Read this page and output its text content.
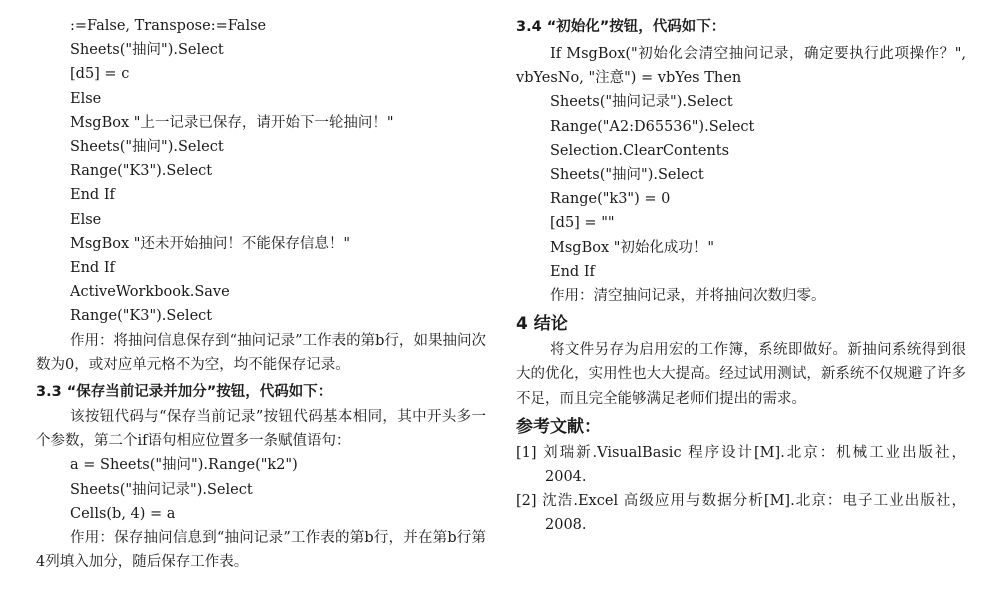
:=False, Transpose:=False

Sheets("抽问").Select

[d5] = c

Else

MsgBox "上一记录已保存，请开始下一轮抽问！"

Sheets("抽问").Select

Range("K3").Select

End If

Else

MsgBox "还未开始抽问！不能保存信息！"

End If

ActiveWorkbook.Save

Range("K3").Select

作用：将抽问信息保存到“抽问记录”工作表的第b行，如果抽问次数为0，或对应单元格不为空，均不能保存记录。

3.3 “保存当前记录并加分”按钮，代码如下：

该按钮代码与“保存当前记录”按钮代码基本相同，其中开头多一个参数，第二个if语句相应位置多一条赋值语句：

a = Sheets("抽问").Range("k2")

Sheets("抽问记录").Select

Cells(b, 4) = a

作用：保存抽问信息到“抽问记录”工作表的第b行，并在第b行第4列填入加分，随后保存工作表。

3.4 “初始化”按钮，代码如下：

If MsgBox("初始化会清空抽问记录，确定要执行此项操作？", vbYesNo, "注意") = vbYes Then

Sheets("抽问记录").Select

Range("A2:D65536").Select

Selection.ClearContents

Sheets("抽问").Select

Range("k3") = 0

[d5] = ""

MsgBox "初始化成功！"

End If

作用：清空抽问记录，并将抽问次数归零。

4 结论

将文件另存为启用宏的工作簿，系统即做好。新抽问系统得到很大的优化，实用性也大大提高。经过试用测试，新系统不仅规避了许多不足，而且完全能够满足老师们提出的需求。

参考文献：

[1] 刘瑞新.VisualBasic 程序设计[M].北京：机械工业出版社，2004.

[2] 沈浩.Excel 高级应用与数据分析[M].北京：电子工业出版社，2008.
